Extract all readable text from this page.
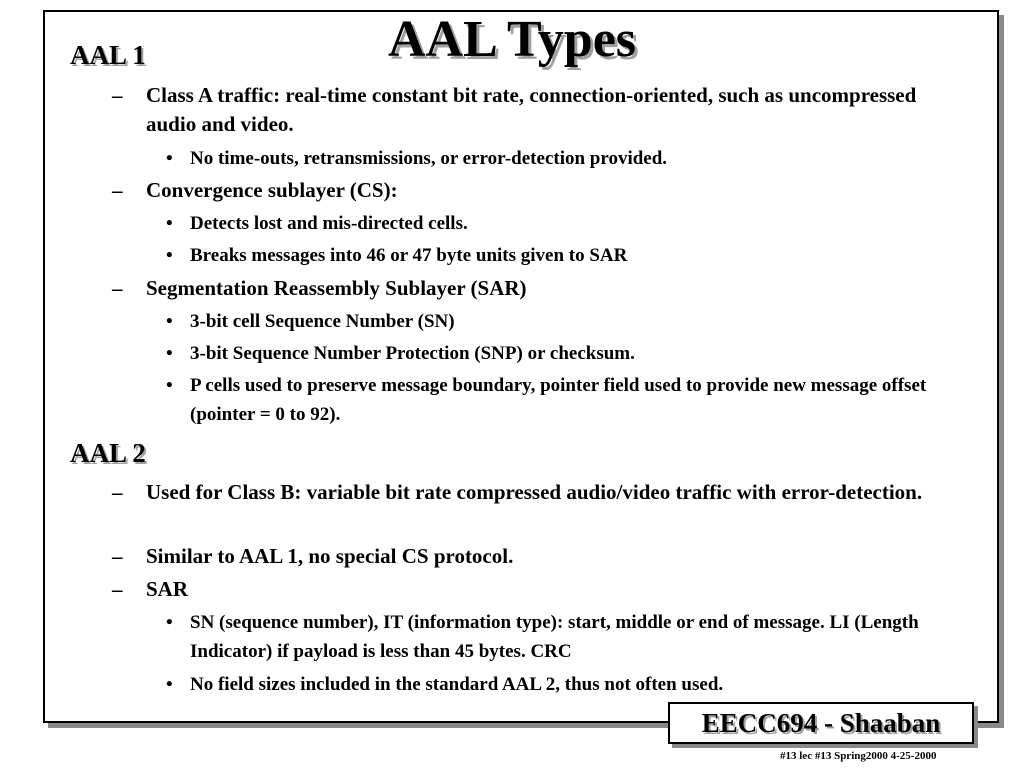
AAL Types
AAL 1
– Class A traffic: real-time constant bit rate, connection-oriented, such as uncompressed audio and video.
• No time-outs, retransmissions, or error-detection provided.
– Convergence sublayer (CS):
• Detects lost and mis-directed cells.
• Breaks messages into 46 or 47 byte units given to SAR
– Segmentation Reassembly Sublayer (SAR)
• 3-bit cell Sequence Number (SN)
• 3-bit Sequence Number Protection (SNP) or checksum.
• P cells used to preserve message boundary, pointer field used to provide new message offset (pointer = 0 to 92).
AAL 2
– Used for Class B: variable bit rate compressed audio/video traffic with error-detection.
– Similar to AAL 1, no special CS protocol.
– SAR
• SN (sequence number), IT (information type): start, middle or end of message. LI (Length Indicator) if payload is less than 45 bytes. CRC
• No field sizes included in the standard AAL 2, thus not often used.
EECC694 - Shaaban
#13 lec #13 Spring2000 4-25-2000
